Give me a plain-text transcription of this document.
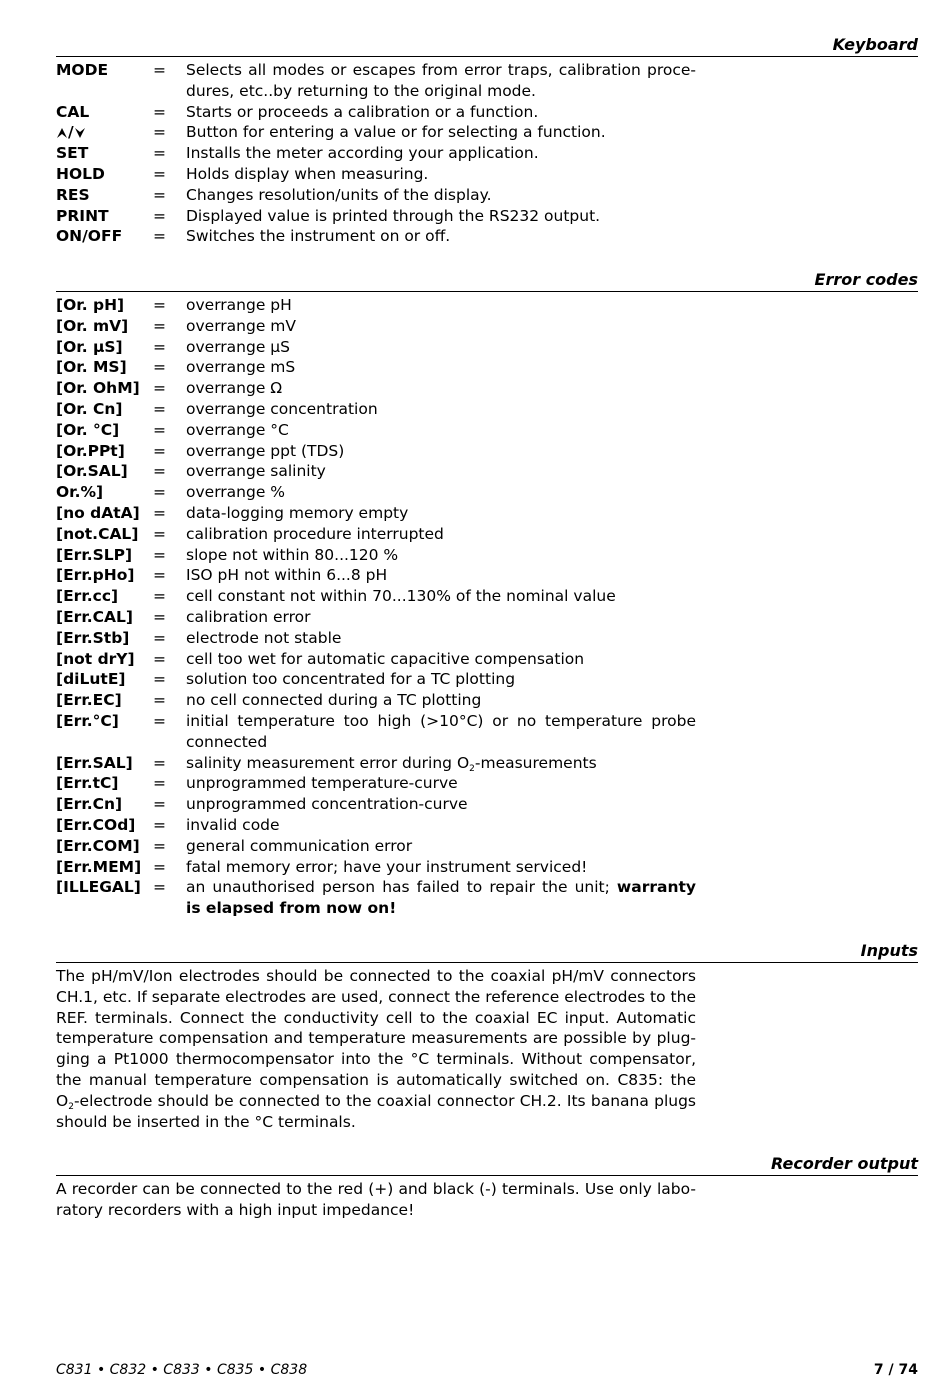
Keyboard
MODE	=	Selects all modes or escapes from error traps, calibration proce-dures, etc..by returning to the original mode.
CAL	=	Starts or proceeds a calibration or a function.
/	=	Button for entering a value or for selecting a function.
SET	=	Installs the meter according your application.
HOLD	=	Holds display when measuring.
RES	=	Changes resolution/units of the display.
PRINT	=	Displayed value is printed through the RS232 output.
ON/OFF	=	Switches the instrument on or off.
Error codes
[Or. pH]	=	overrange pH
[Or. mV]	=	overrange mV
[Or. µS]	=	overrange µS
[Or. MS]	=	overrange mS
[Or. OhM] =	overrange Ω
[Or. Cn]	=	overrange concentration
[Or. °C]	=	overrange °C
[Or.PPt]	=	overrange ppt (TDS)
[Or.SAL]	=	overrange salinity
Or.%]	=	overrange %
[no dAtA] =	data-logging memory empty
[not.CAL] =	calibration procedure interrupted
[Err.SLP]	=	slope not within 80...120 %
[Err.pHo]	=	ISO pH not within 6...8 pH
[Err.cc]	=	cell constant not within 70...130% of the nominal value
[Err.CAL]	=	calibration error
[Err.Stb]	=	electrode not stable
[not drY]	=	cell too wet for automatic capacitive compensation
[diLutE]	=	solution too concentrated for a TC plotting
[Err.EC]	=	no cell connected during a TC plotting
[Err.°C]	=	initial temperature too high (>10°C) or no temperature probe connected
[Err.SAL]	=	salinity measurement error during $O_2$-measurements
[Err.tC]	=	unprogrammed temperature-curve
[Err.Cn]	=	unprogrammed concentration-curve
[Err.COd]	=	invalid code
[Err.COM] =	general communication error
[Err.MEM] =	fatal memory error; have your instrument serviced!
[ILLEGAL] =	an unauthorised person has failed to repair the unit; warranty is elapsed from now on!
Inputs
The pH/mV/Ion electrodes should be connected to the coaxial pH/mV connectors CH.1, etc. If separate electrodes are used, connect the reference electrodes to the REF. terminals. Connect the conductivity cell to the coaxial EC input. Automatic temperature compensation and temperature measurements are possible by plug-ging a Pt1000 thermocompensator into the °C terminals. Without compensator, the manual temperature compensation is automatically switched on. C835: the $O_2$-electrode should be connected to the coaxial connector CH.2. Its banana plugs should be inserted in the °C terminals.
Recorder output
A recorder can be connected to the red (+) and black (-) terminals. Use only labo-ratory recorders with a high input impedance!
C831 • C832 • C833 • C835 • C838	7 / 74
